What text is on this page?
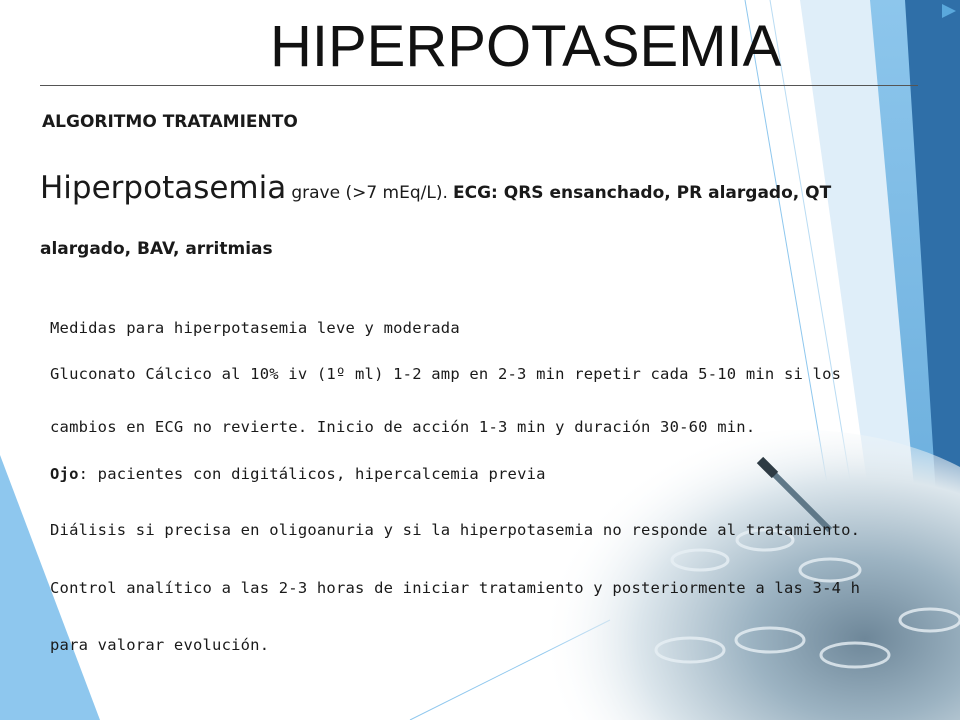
HIPERPOTASEMIA
ALGORITMO TRATAMIENTO
Hiperpotasemia grave (>7 mEq/L). ECG: QRS ensanchado, PR alargado, QT
alargado, BAV, arritmias
Medidas para hiperpotasemia leve y moderada
Gluconato Cálcico al 10% iv (1º ml) 1-2 amp en 2-3 min repetir cada 5-10 min si los
cambios en ECG no revierte. Inicio de acción 1-3 min y duración 30-60 min.
Ojo: pacientes con digitálicos, hipercalcemia previa
Diálisis si precisa en oligoanuria y si la hiperpotasemia no responde al tratamiento.
Control analítico a las 2-3 horas de iniciar tratamiento y posteriormente a las 3-4 h
para valorar evolución.
